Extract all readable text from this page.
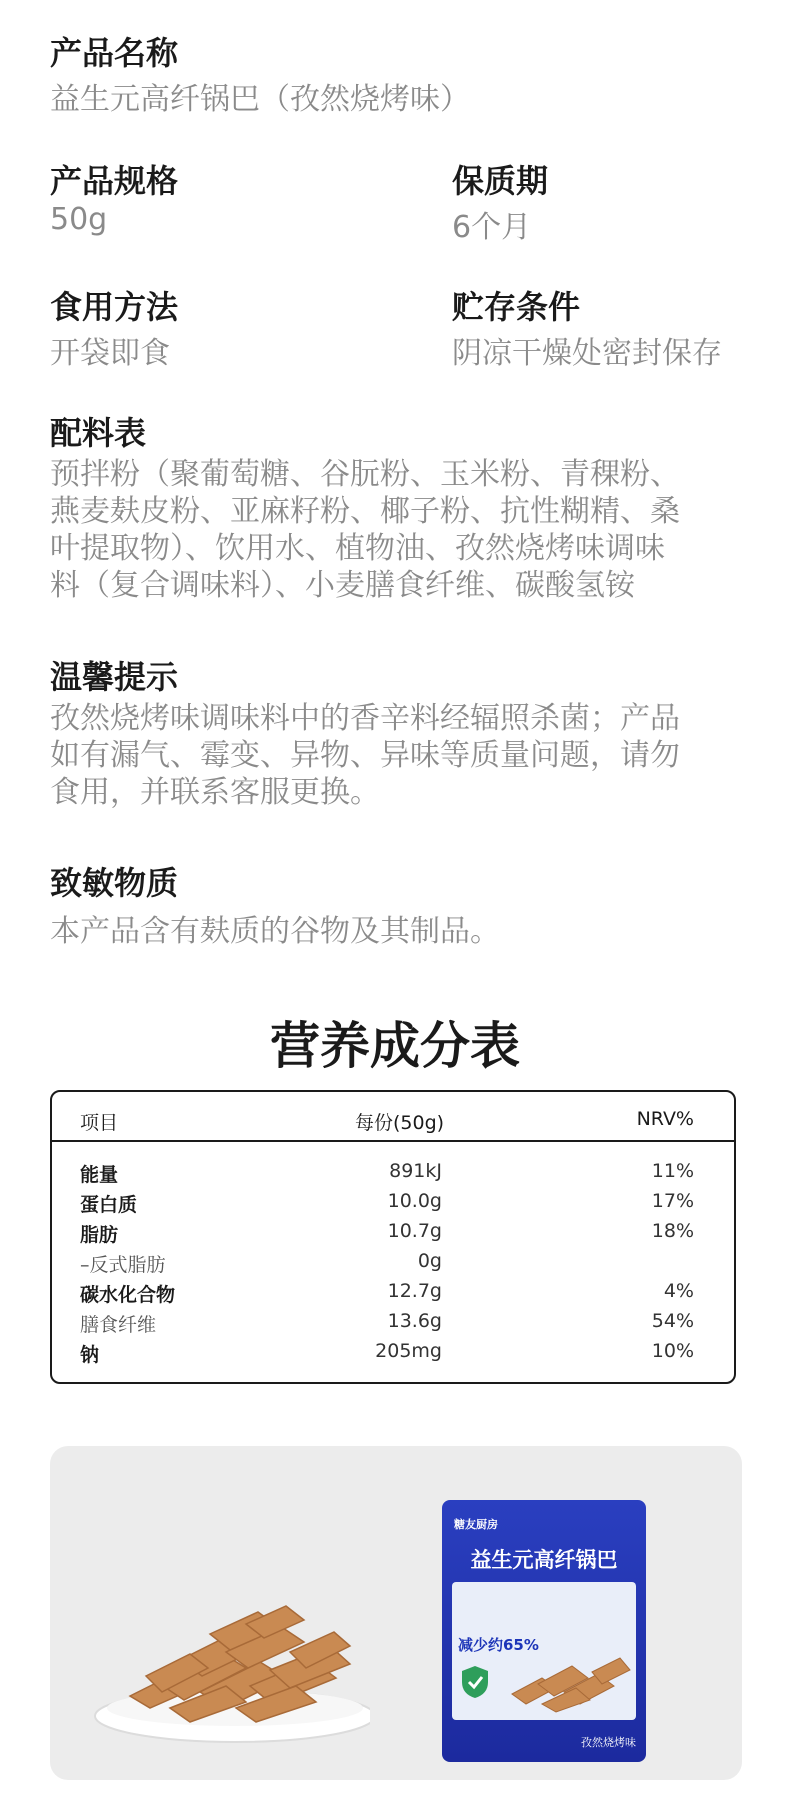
产品名称
益生元高纤锅巴（孜然烧烤味）
产品规格
50g
保质期
6个月
食用方法
开袋即食
贮存条件
阴凉干燥处密封保存
配料表
预拌粉（聚葡萄糖、谷朊粉、玉米粉、青稞粉、
燕麦麸皮粉、亚麻籽粉、椰子粉、抗性糊精、桑
叶提取物）、饮用水、植物油、孜然烧烤味调味
料（复合调味料）、小麦膳食纤维、碳酸氢铵
温馨提示
孜然烧烤味调味料中的香辛料经辐照杀菌；产品
如有漏气、霉变、异物、异味等质量问题，请勿
食用，并联系客服更换。
致敏物质
本产品含有麸质的谷物及其制品。
营养成分表
项目	每份(50g)	NRV%
能量	891kJ	11%
蛋白质	10.0g	17%
脂肪	10.7g	18%
–反式脂肪	0g
碳水化合物	12.7g	4%
膳食纤维	13.6g	54%
钠	205mg	10%
糖友厨房
益生元高纤锅巴
减少约65%
孜然烧烤味
